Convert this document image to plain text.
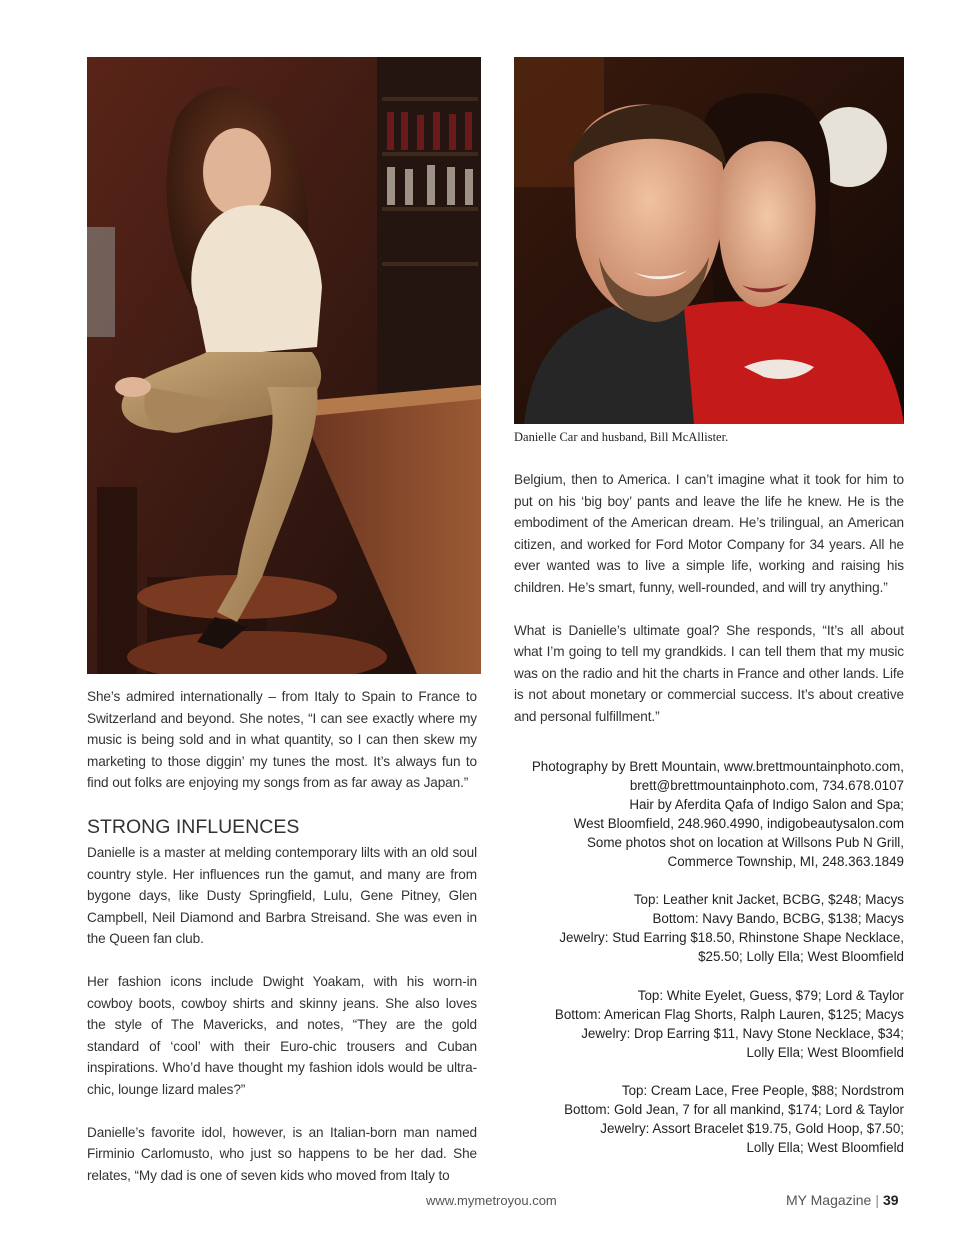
Danielle Car and husband, Bill McAllister.

She’s admired internationally – from Italy to Spain to France to Switzerland and beyond. She notes, “I can see exactly where my music is being sold and in what quantity, so I can then skew my marketing to those diggin’ my tunes the most. It’s always fun to find out folks are enjoying my songs from as far away as Japan.”

STRONG INFLUENCES

Danielle is a master at melding contemporary lilts with an old soul country style. Her influences run the gamut, and many are from bygone days, like Dusty Springfield, Lulu, Gene Pitney, Glen Campbell, Neil Diamond and Barbra Streisand. She was even in the Queen fan club.

Her fashion icons include Dwight Yoakam, with his worn-in cowboy boots, cowboy shirts and skinny jeans. She also loves the style of The Mavericks, and notes, “They are the gold standard of ‘cool’ with their Euro-chic trousers and Cuban inspirations. Who’d have thought my fashion idols would be ultra-chic, lounge lizard males?”

Danielle’s favorite idol, however, is an Italian-born man named Firminio Carlomusto, who just so happens to be her dad. She relates, “My dad is one of seven kids who moved from Italy to

Belgium, then to America. I can’t imagine what it took for him to put on his ‘big boy’ pants and leave the life he knew. He is the embodiment of the American dream. He’s trilingual, an American citizen, and worked for Ford Motor Company for 34 years. All he ever wanted was to live a simple life, working and raising his children. He’s smart, funny, well-rounded, and will try anything.”

What is Danielle’s ultimate goal? She responds, “It’s all about what I’m going to tell my grandkids. I can tell them that my music was on the radio and hit the charts in France and other lands. Life is not about monetary or commercial success. It’s about creative and personal fulfillment.”

Photography by Brett Mountain, www.brettmountainphoto.com,
brett@brettmountainphoto.com, 734.678.0107
Hair by Aferdita Qafa of Indigo Salon and Spa;
West Bloomfield, 248.960.4990, indigobeautysalon.com
Some photos shot on location at Willsons Pub N Grill,
Commerce Township, MI, 248.363.1849
Top: Leather knit Jacket, BCBG, $248; Macys
Bottom: Navy Bando, BCBG, $138; Macys
Jewelry: Stud Earring $18.50, Rhinstone Shape Necklace,
$25.50; Lolly Ella; West Bloomfield
Top: White Eyelet, Guess, $79; Lord & Taylor
Bottom: American Flag Shorts, Ralph Lauren, $125; Macys
Jewelry: Drop Earring $11, Navy Stone Necklace, $34;
Lolly Ella; West Bloomfield
Top: Cream Lace, Free People, $88; Nordstrom
Bottom: Gold Jean, 7 for all mankind, $174; Lord & Taylor
Jewelry: Assort Bracelet $19.75, Gold Hoop, $7.50;
Lolly Ella; West Bloomfield
www.mymetroyou.com	MY Magazine | 39
